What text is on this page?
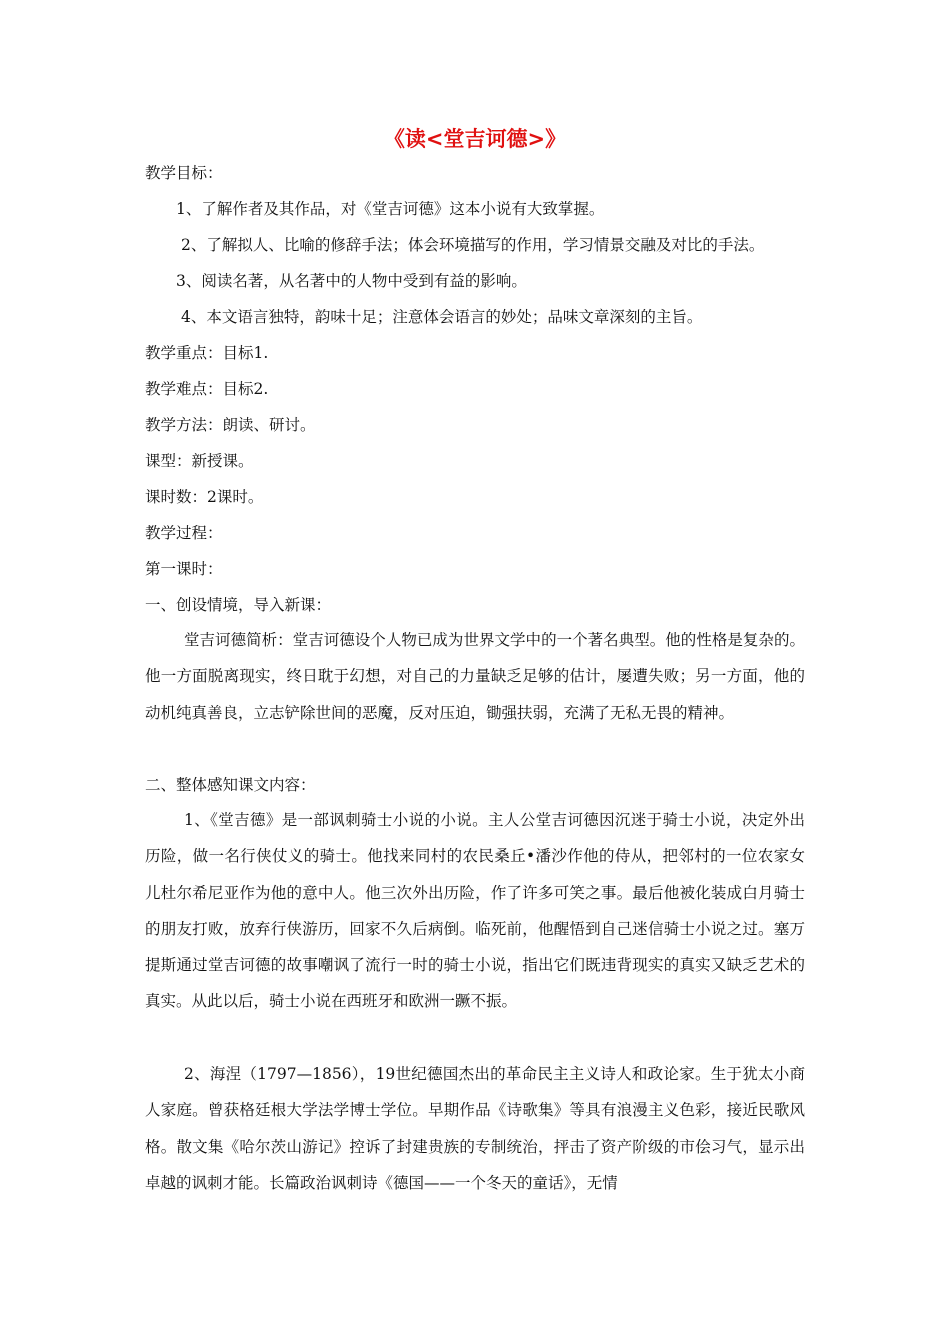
《读<堂吉诃德>》
教学目标：
1、了解作者及其作品，对《堂吉诃德》这本小说有大致掌握。
2、了解拟人、比喻的修辞手法；体会环境描写的作用，学习情景交融及对比的手法。
3、阅读名著，从名著中的人物中受到有益的影响。
4、本文语言独特，韵味十足；注意体会语言的妙处；品味文章深刻的主旨。
教学重点：目标1.
教学难点：目标2.
教学方法：朗读、研讨。
课型：新授课。
课时数：2课时。
教学过程：
第一课时：
一、创设情境，导入新课：
堂吉诃德简析：堂吉诃德设个人物已成为世界文学中的一个著名典型。他的性格是复杂的。他一方面脱离现实，终日耽于幻想，对自己的力量缺乏足够的估计，屡遭失败；另一方面，他的动机纯真善良，立志铲除世间的恶魔，反对压迫，锄强扶弱，充满了无私无畏的精神。
二、整体感知课文内容：
1、《堂吉德》是一部讽刺骑士小说的小说。主人公堂吉诃德因沉迷于骑士小说，决定外出历险，做一名行侠仗义的骑士。他找来同村的农民桑丘•潘沙作他的侍从，把邻村的一位农家女儿杜尔希尼亚作为他的意中人。他三次外出历险，作了许多可笑之事。最后他被化装成白月骑士的朋友打败，放弃行侠游历，回家不久后病倒。临死前，他醒悟到自己迷信骑士小说之过。塞万提斯通过堂吉诃德的故事嘲讽了流行一时的骑士小说，指出它们既违背现实的真实又缺乏艺术的真实。从此以后，骑士小说在西班牙和欧洲一蹶不振。
2、海涅（1797—1856），19世纪德国杰出的革命民主主义诗人和政论家。生于犹太小商人家庭。曾获格廷根大学法学博士学位。早期作品《诗歌集》等具有浪漫主义色彩，接近民歌风格。散文集《哈尔茨山游记》控诉了封建贵族的专制统治，抨击了资产阶级的市侩习气，显示出卓越的讽刺才能。长篇政治讽刺诗《德国——一个冬天的童话》，无情
